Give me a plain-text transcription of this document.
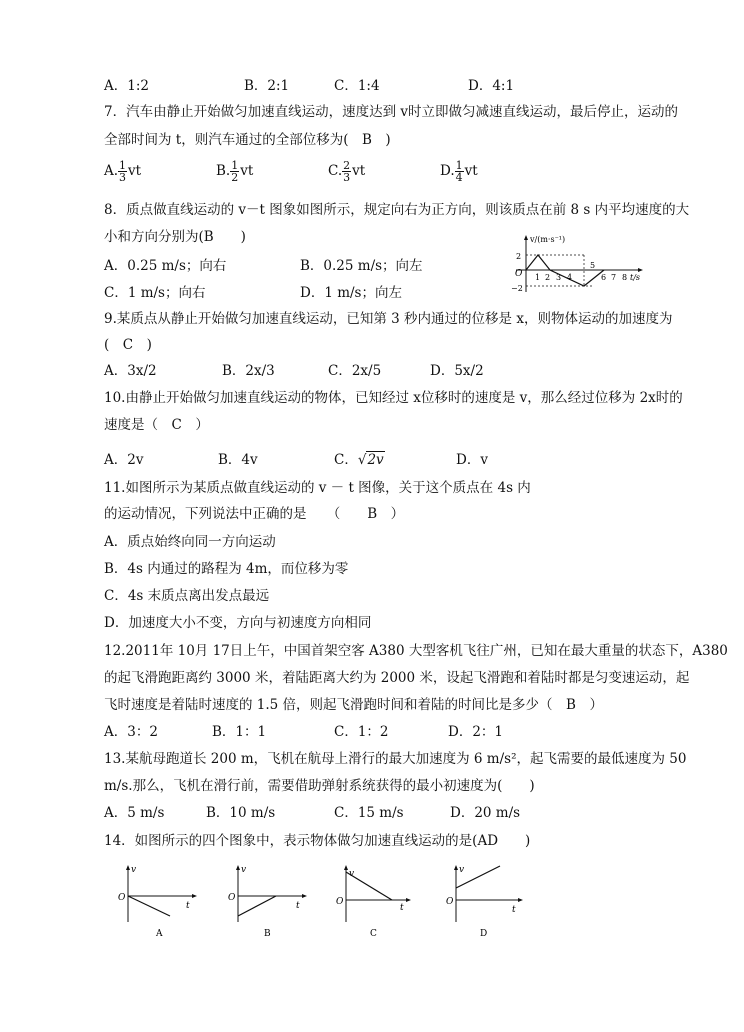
A．1:2	B．2:1	C．1:4	D．4:1
7．汽车由静止开始做匀加速直线运动，速度达到 v时立即做匀减速直线运动，最后停止，运动的
全部时间为 t，则汽车通过的全部位移为(　B　)
A. $\frac{1}{3}$ vt	B. $\frac{1}{2}$ vt	C. $\frac{2}{3}$ vt	D. $\frac{1}{4}$ vt
8．质点做直线运动的 v－t 图象如图所示，规定向右为正方向，则该质点在前 8 s 内平均速度的大
小和方向分别为(B　　)
A．0.25 m/s；向右	B．0.25 m/s；向左
C．1 m/s；向右	D．1 m/s；向左
v/(m·s⁻¹)
O
2
−2
1 2 3 4
5
6 7 8 t/s
9.某质点从静止开始做匀加速直线运动，已知第 3 秒内通过的位移是 x，则物体运动的加速度为
(　C　)
A．3x/2	B．2x/3	C．2x/5	D．5x/2
10.由静止开始做匀加速直线运动的物体，已知经过 x位移时的速度是 v，那么经过位移为 2x时的
速度是（　C　）
A．2v	B．4v	C．√2v	D．v
11.如图所示为某质点做直线运动的 v － t 图像，关于这个质点在 4s 内
的运动情况，下列说法中正确的是　　（　　B　）
A．质点始终向同一方向运动
B．4s 内通过的路程为 4m，而位移为零
C．4s 末质点离出发点最远
D．加速度大小不变，方向与初速度方向相同
12.2011年 10月 17日上午，中国首架空客 A380 大型客机飞往广州，已知在最大重量的状态下，A380
的起飞滑跑距离约 3000 米，着陆距离大约为 2000 米，设起飞滑跑和着陆时都是匀变速运动，起
飞时速度是着陆时速度的 1.5 倍，则起飞滑跑时间和着陆的时间比是多少（　B　）
A．3：2	B．1：1	C．1：2	D．2：1
13.某航母跑道长 200 m，飞机在航母上滑行的最大加速度为 6 m/s²，起飞需要的最低速度为 50
m/s.那么，飞机在滑行前，需要借助弹射系统获得的最小初速度为(　　)
A．5 m/s	B．10 m/s	C．15 m/s	D．20 m/s
14．如图所示的四个图象中，表示物体做匀加速直线运动的是(AD　　)
v
O
t
A
v
O
t
B
v
O
t
C
v
O
t
D
